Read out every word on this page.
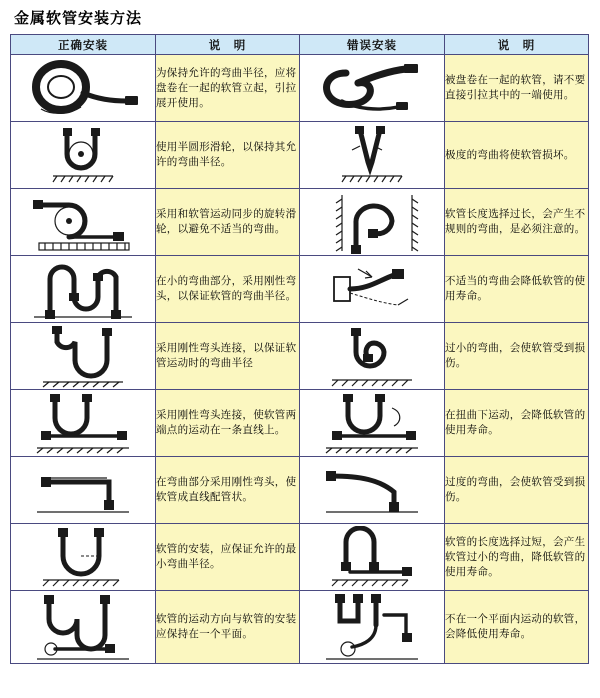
金属软管安装方法
正确安装	说　明	错误安装	说　明

	为保持允许的弯曲半径，应将盘卷在一起的软管立起，引拉展开使用。		被盘卷在一起的软管，请不要直接引拉其中的一端使用。

	使用半圆形滑轮，以保持其允许的弯曲半径。		极度的弯曲将使软管损坏。

	采用和软管运动同步的旋转滑轮，以避免不适当的弯曲。		软管长度选择过长，会产生不规则的弯曲，是必须注意的。

	在小的弯曲部分，采用刚性弯头，以保证软管的弯曲半径。		不适当的弯曲会降低软管的使用寿命。

	采用刚性弯头连接，以保证软管运动时的弯曲半径		过小的弯曲，会使软管受到损伤。

	采用刚性弯头连接，使软管两端点的运动在一条直线上。		在扭曲下运动，会降低软管的使用寿命。

	在弯曲部分采用刚性弯头，使软管成直线配管状。		过度的弯曲，会使软管受到损伤。

	软管的安装，应保证允许的最小弯曲半径。		软管的长度选择过短，会产生软管过小的弯曲，降低软管的使用寿命。

	软管的运动方向与软管的安装应保持在一个平面。		不在一个平面内运动的软管，会降低使用寿命。
